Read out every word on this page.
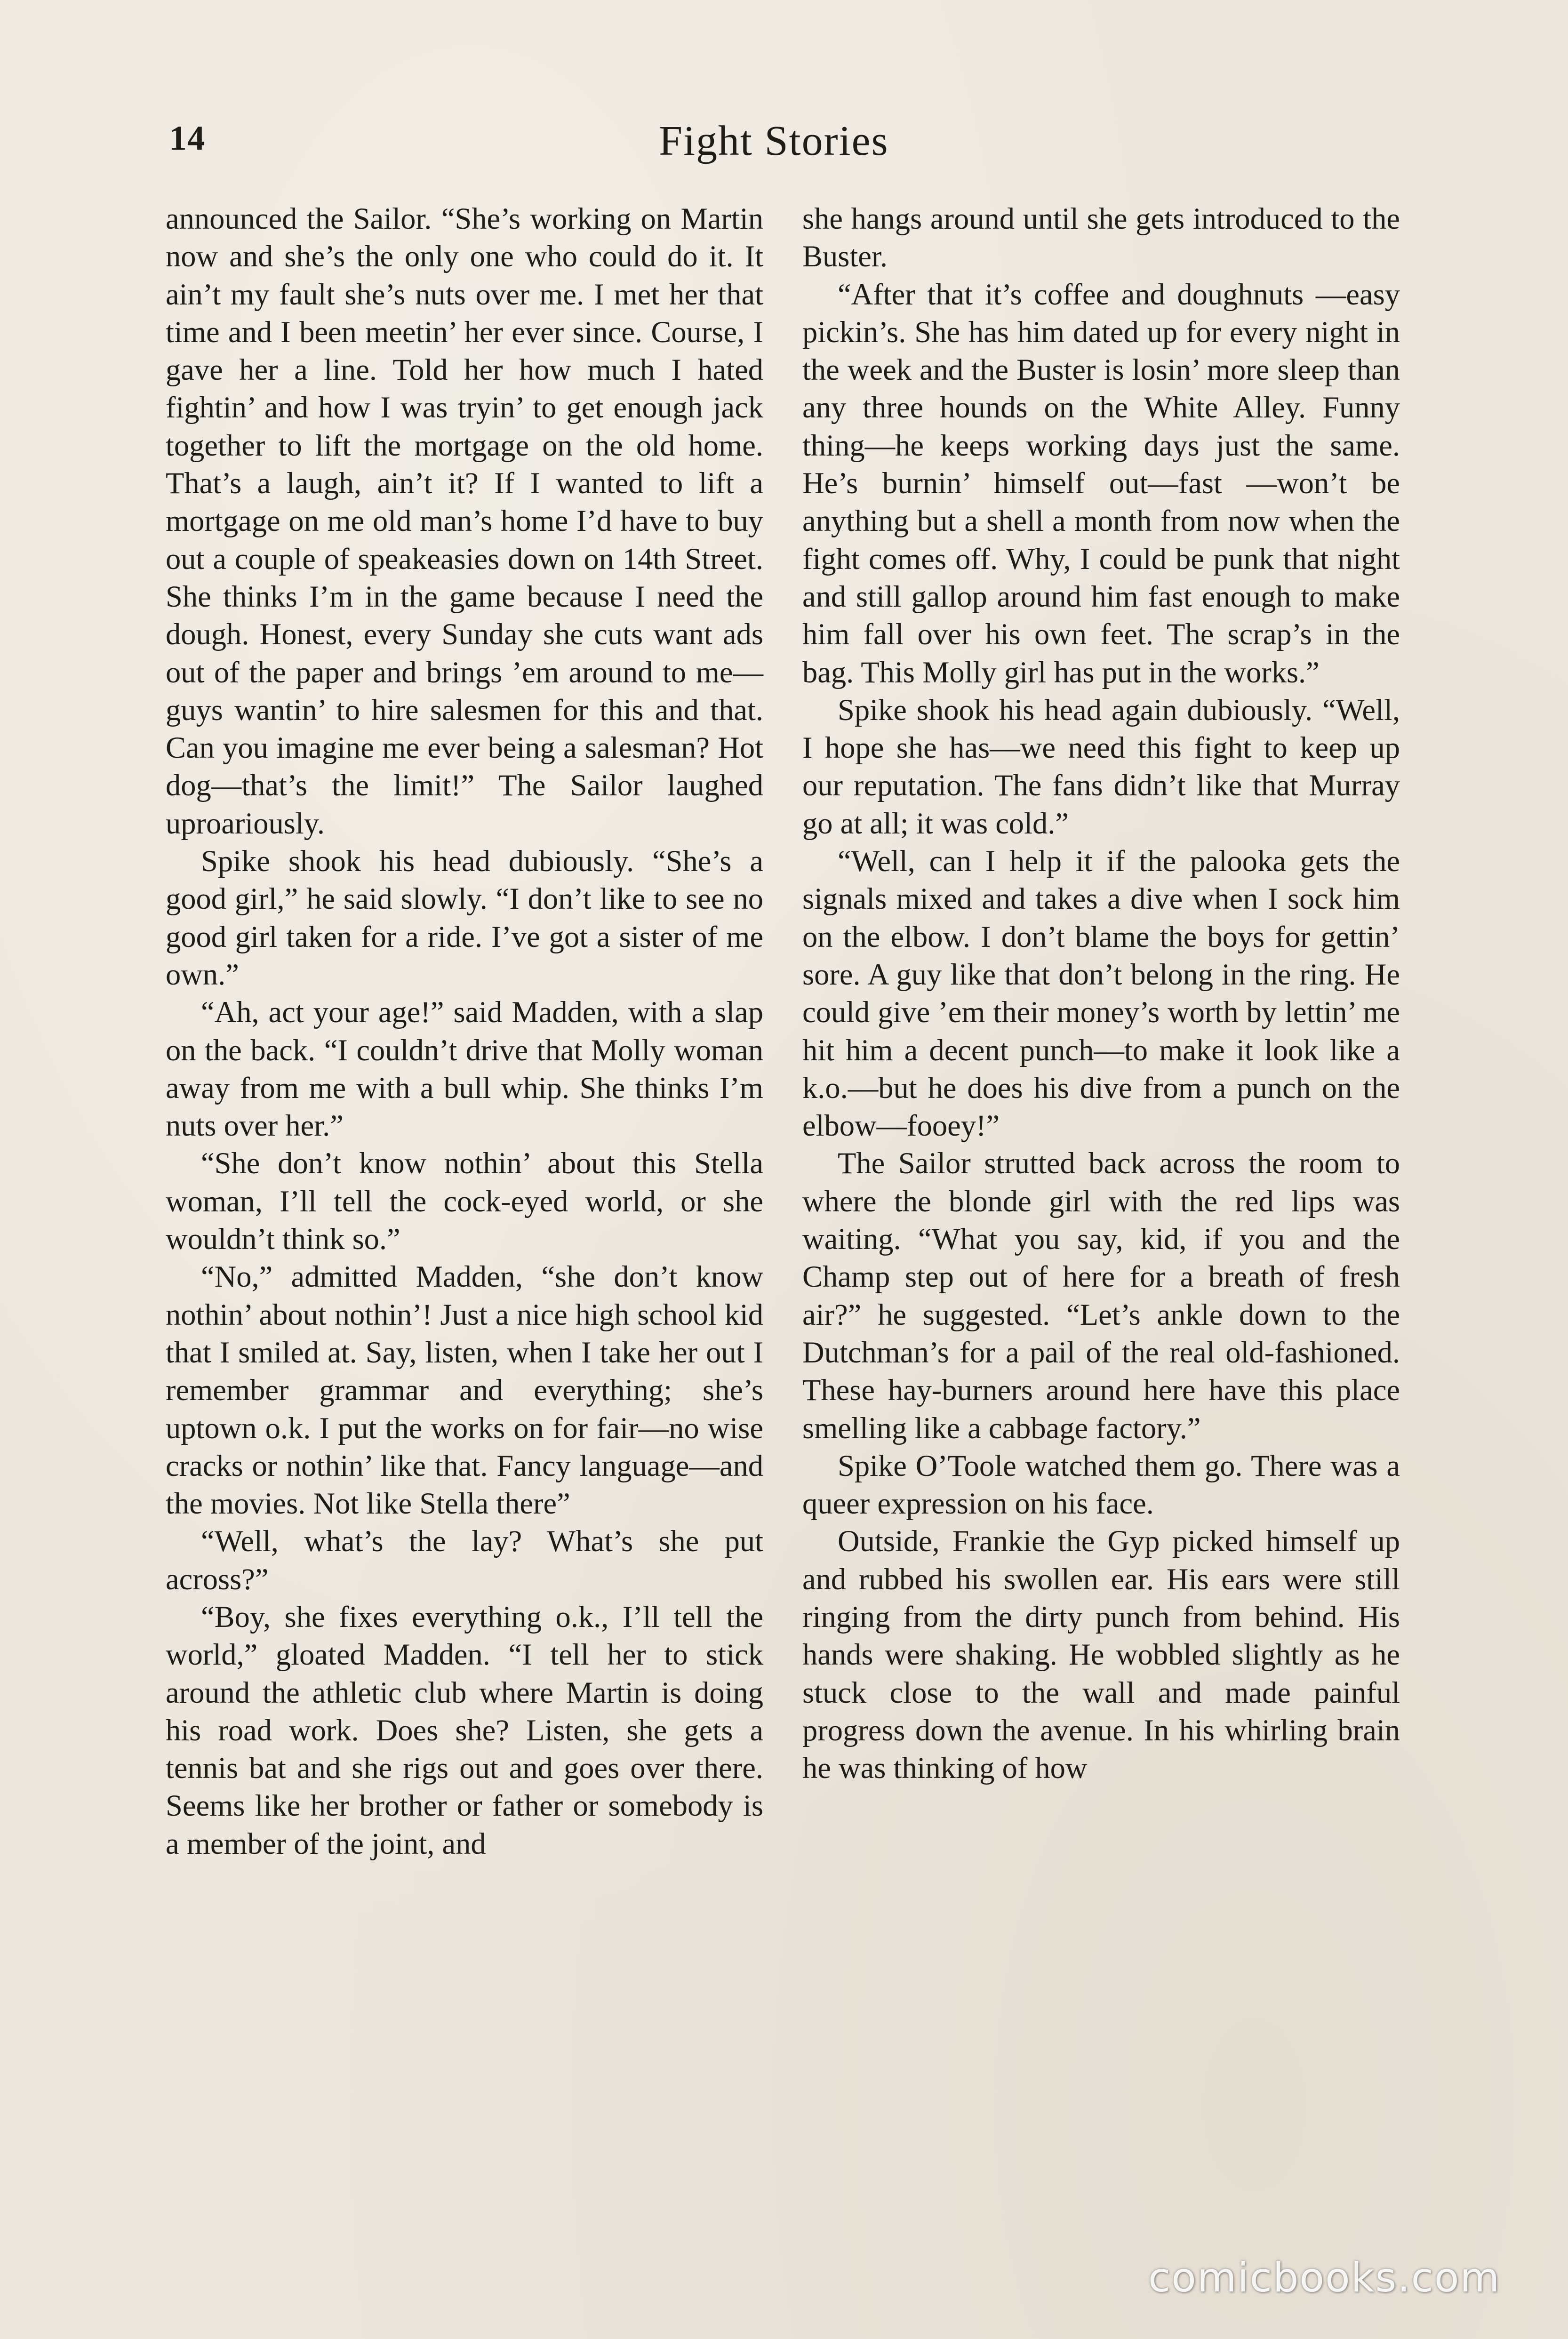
14	Fight Stories

announced the Sailor. “She’s working on Martin now and she’s the only one who could do it. It ain’t my fault she’s nuts over me. I met her that time and I been meetin’ her ever since. Course, I gave her a line. Told her how much I hated fightin’ and how I was tryin’ to get enough jack together to lift the mortgage on the old home. That’s a laugh, ain’t it? If I wanted to lift a mortgage on me old man’s home I’d have to buy out a couple of speakeasies down on 14th Street. She thinks I’m in the game because I need the dough. Honest, every Sunday she cuts want ads out of the paper and brings ’em around to me—guys wantin’ to hire salesmen for this and that. Can you imagine me ever being a salesman? Hot dog—that’s the limit!” The Sailor laughed uproariously.

Spike shook his head dubiously. “She’s a good girl,” he said slowly. “I don’t like to see no good girl taken for a ride. I’ve got a sister of me own.”

“Ah, act your age!” said Madden, with a slap on the back. “I couldn’t drive that Molly woman away from me with a bull whip. She thinks I’m nuts over her.”

“She don’t know nothin’ about this Stella woman, I’ll tell the cock-eyed world, or she wouldn’t think so.”

“No,” admitted Madden, “she don’t know nothin’ about nothin’! Just a nice high school kid that I smiled at. Say, listen, when I take her out I remember grammar and everything; she’s uptown o.k. I put the works on for fair—no wise cracks or nothin’ like that. Fancy language—and the movies. Not like Stella there”

“Well, what’s the lay? What’s she put across?”

“Boy, she fixes everything o.k., I’ll tell the world,” gloated Madden. “I tell her to stick around the athletic club where Martin is doing his road work. Does she? Listen, she gets a tennis bat and she rigs out and goes over there. Seems like her brother or father or somebody is a member of the joint, and

she hangs around until she gets introduced to the Buster.

“After that it’s coffee and doughnuts —easy pickin’s. She has him dated up for every night in the week and the Buster is losin’ more sleep than any three hounds on the White Alley. Funny thing—he keeps working days just the same. He’s burnin’ himself out—fast —won’t be anything but a shell a month from now when the fight comes off. Why, I could be punk that night and still gallop around him fast enough to make him fall over his own feet. The scrap’s in the bag. This Molly girl has put in the works.”

Spike shook his head again dubiously. “Well, I hope she has—we need this fight to keep up our reputation. The fans didn’t like that Murray go at all; it was cold.”

“Well, can I help it if the palooka gets the signals mixed and takes a dive when I sock him on the elbow. I don’t blame the boys for gettin’ sore. A guy like that don’t belong in the ring. He could give ’em their money’s worth by lettin’ me hit him a decent punch—to make it look like a k.o.—but he does his dive from a punch on the elbow—fooey!”

The Sailor strutted back across the room to where the blonde girl with the red lips was waiting. “What you say, kid, if you and the Champ step out of here for a breath of fresh air?” he suggested. “Let’s ankle down to the Dutchman’s for a pail of the real old-fashioned. These hay-burners around here have this place smelling like a cabbage factory.”

Spike O’Toole watched them go. There was a queer expression on his face.

Outside, Frankie the Gyp picked himself up and rubbed his swollen ear. His ears were still ringing from the dirty punch from behind. His hands were shaking. He wobbled slightly as he stuck close to the wall and made painful progress down the avenue. In his whirling brain he was thinking of how

comicbooks.com
